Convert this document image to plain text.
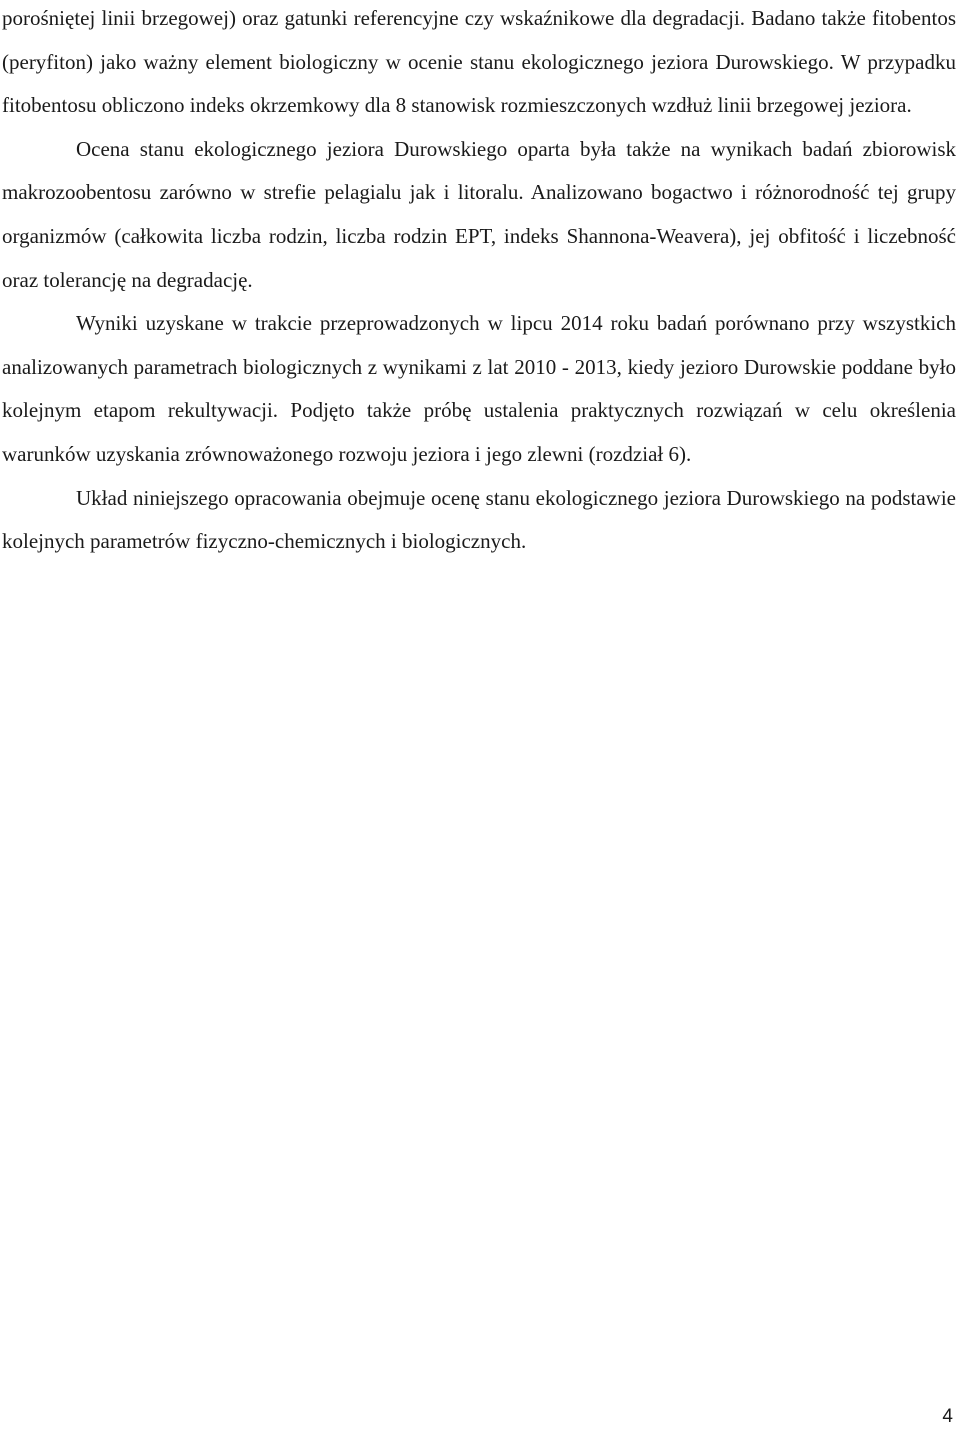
porośniętej linii brzegowej) oraz gatunki referencyjne czy wskaźnikowe dla degradacji. Badano także fitobentos (peryfiton) jako ważny element biologiczny w ocenie stanu ekologicznego jeziora Durowskiego. W przypadku fitobentosu obliczono indeks okrzemkowy dla 8 stanowisk rozmieszczonych wzdłuż linii brzegowej jeziora.

Ocena stanu ekologicznego jeziora Durowskiego oparta była także na wynikach badań zbiorowisk makrozoobentosu zarówno w strefie pelagialu jak i litoralu. Analizowano bogactwo i różnorodność tej grupy organizmów (całkowita liczba rodzin, liczba rodzin EPT, indeks Shannona-Weavera), jej obfitość i liczebność oraz tolerancję na degradację.

Wyniki uzyskane w trakcie przeprowadzonych w lipcu 2014 roku badań porównano przy wszystkich analizowanych parametrach biologicznych z wynikami z lat 2010 - 2013, kiedy jezioro Durowskie poddane było kolejnym etapom rekultywacji. Podjęto także próbę ustalenia praktycznych rozwiązań w celu określenia warunków uzyskania zrównoważonego rozwoju jeziora i jego zlewni (rozdział 6).

Układ niniejszego opracowania obejmuje ocenę stanu ekologicznego jeziora Durowskiego na podstawie kolejnych parametrów fizyczno-chemicznych i biologicznych.

4
